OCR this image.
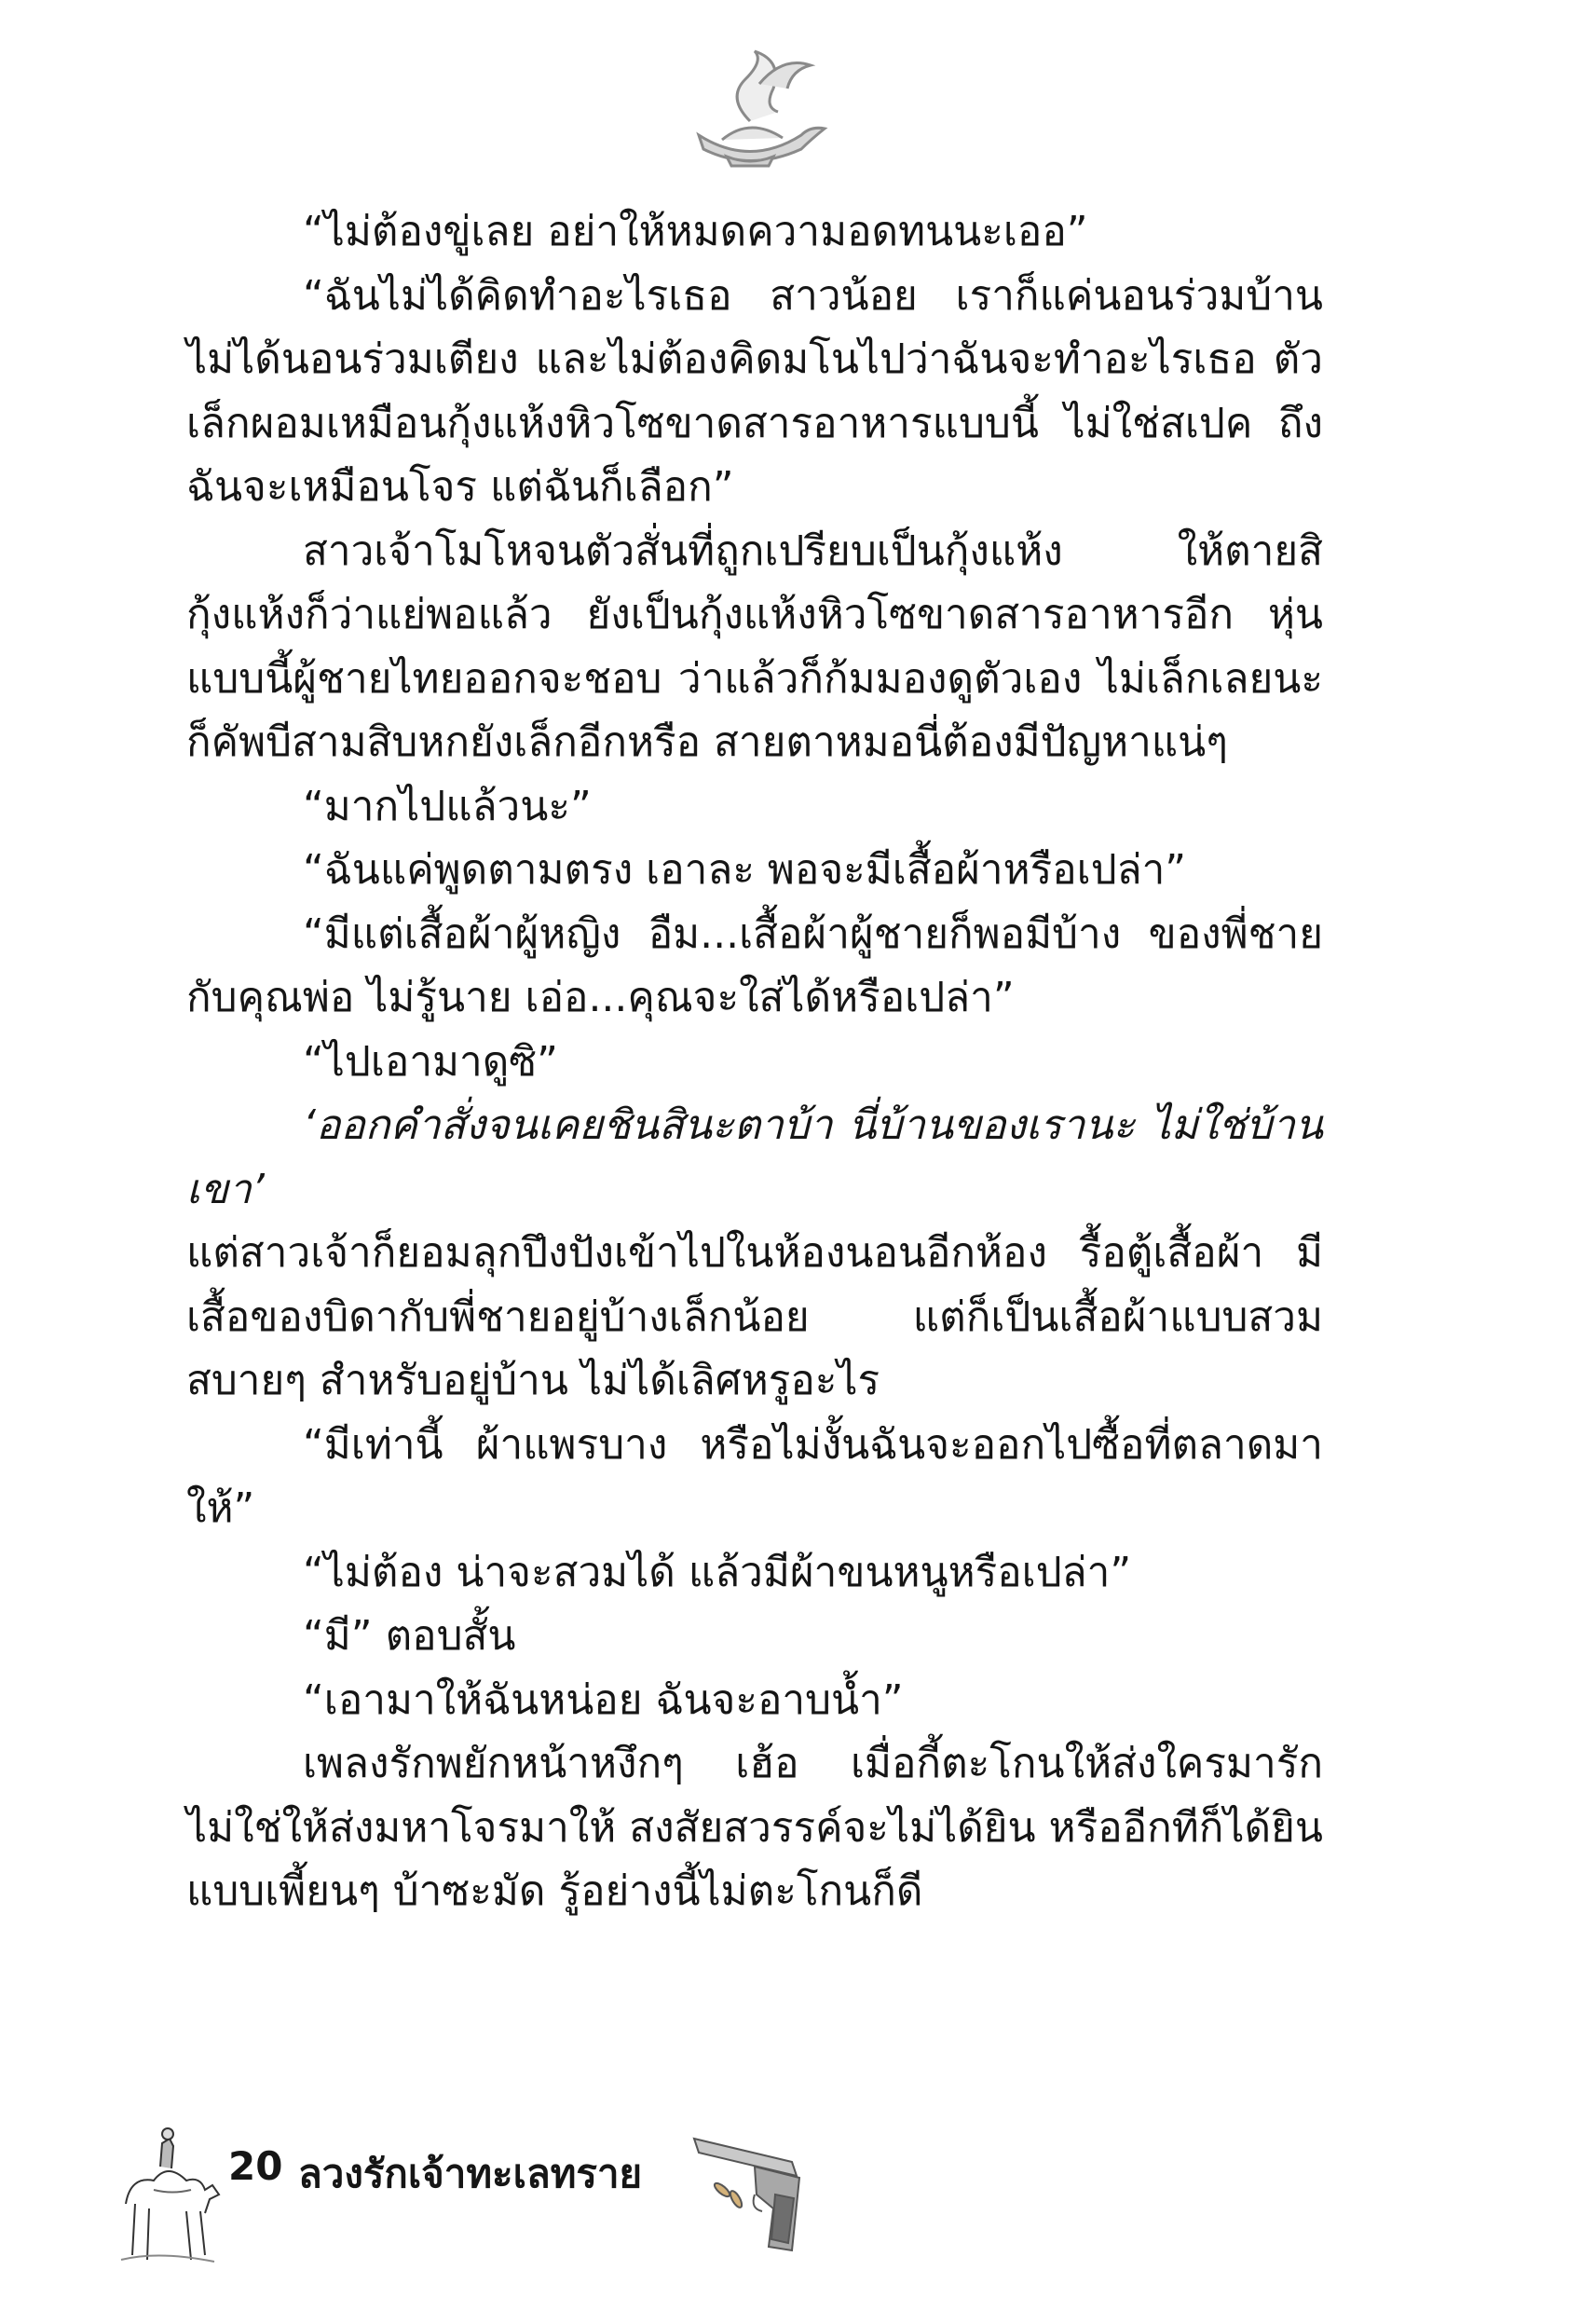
“ไม่ต้องขู่เลย อย่าให้หมดความอดทนนะเออ”

“ฉันไม่ได้คิดทำอะไรเธอ สาวน้อย เราก็แค่นอนร่วมบ้าน ไม่ได้นอนร่วมเตียง และไม่ต้องคิดมโนไปว่าฉันจะทำอะไรเธอ ตัวเล็กผอมเหมือนกุ้งแห้งหิวโซขาดสารอาหารแบบนี้ ไม่ใช่สเปค ถึงฉันจะเหมือนโจร แต่ฉันก็เลือก”

สาวเจ้าโมโหจนตัวสั่นที่ถูกเปรียบเป็นกุ้งแห้ง ให้ตายสิ กุ้งแห้งก็ว่าแย่พอแล้ว ยังเป็นกุ้งแห้งหิวโซขาดสารอาหารอีก หุ่นแบบนี้ผู้ชายไทยออกจะชอบ ว่าแล้วก็ก้มมองดูตัวเอง ไม่เล็กเลยนะ ก็คัพบีสามสิบหกยังเล็กอีกหรือ สายตาหมอนี่ต้องมีปัญหาแน่ๆ

“มากไปแล้วนะ”

“ฉันแค่พูดตามตรง เอาละ พอจะมีเสื้อผ้าหรือเปล่า”

“มีแต่เสื้อผ้าผู้หญิง อืม...เสื้อผ้าผู้ชายก็พอมีบ้าง ของพี่ชายกับคุณพ่อ ไม่รู้นาย เอ่อ...คุณจะใส่ได้หรือเปล่า”

“ไปเอามาดูซิ”

‘ออกคำสั่งจนเคยชินสินะตาบ้า นี่บ้านของเรานะ ไม่ใช่บ้านเขา’

แต่สาวเจ้าก็ยอมลุกปึงปังเข้าไปในห้องนอนอีกห้อง รื้อตู้เสื้อผ้า มีเสื้อของบิดากับพี่ชายอยู่บ้างเล็กน้อย แต่ก็เป็นเสื้อผ้าแบบสวมสบายๆ สำหรับอยู่บ้าน ไม่ได้เลิศหรูอะไร

“มีเท่านี้ ผ้าแพรบาง หรือไม่งั้นฉันจะออกไปซื้อที่ตลาดมาให้”

“ไม่ต้อง น่าจะสวมได้ แล้วมีผ้าขนหนูหรือเปล่า”

“มี” ตอบสั้น

“เอามาให้ฉันหน่อย ฉันจะอาบน้ำ”

เพลงรักพยักหน้าหงึกๆ เฮ้อ เมื่อกี้ตะโกนให้ส่งใครมารัก ไม่ใช่ให้ส่งมหาโจรมาให้ สงสัยสวรรค์จะไม่ได้ยิน หรืออีกทีก็ได้ยินแบบเพี้ยนๆ บ้าซะมัด รู้อย่างนี้ไม่ตะโกนก็ดี

20 ลวงรักเจ้าทะเลทราย
